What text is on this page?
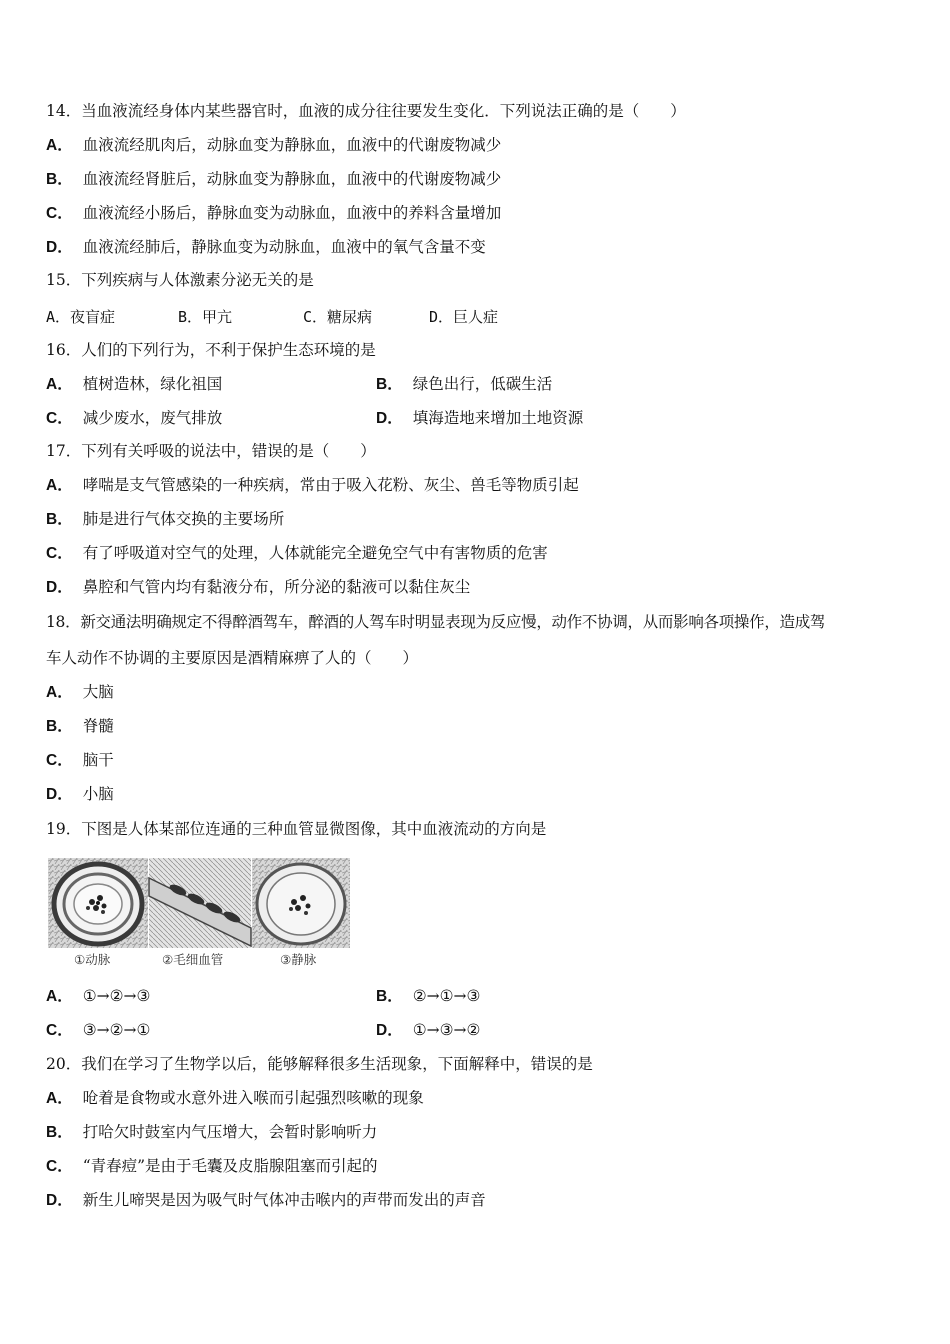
14．当血液流经身体内某些器官时，血液的成分往往要发生变化．下列说法正确的是（　　）
A． 血液流经肌肉后，动脉血变为静脉血，血液中的代谢废物减少
B． 血液流经肾脏后，动脉血变为静脉血，血液中的代谢废物减少
C． 血液流经小肠后，静脉血变为动脉血，血液中的养料含量增加
D． 血液流经肺后，静脉血变为动脉血，血液中的氧气含量不变
15．下列疾病与人体激素分泌无关的是
A．夜盲症	B．甲亢	C．糖尿病	D．巨人症
16．人们的下列行为，不利于保护生态环境的是
A． 植树造林，绿化祖国	B． 绿色出行，低碳生活
C． 减少废水，废气排放	D． 填海造地来增加土地资源
17．下列有关呼吸的说法中，错误的是（　　）
A． 哮喘是支气管感染的一种疾病，常由于吸入花粉、灰尘、兽毛等物质引起
B． 肺是进行气体交换的主要场所
C． 有了呼吸道对空气的处理，人体就能完全避免空气中有害物质的危害
D． 鼻腔和气管内均有黏液分布，所分泌的黏液可以黏住灰尘
18．新交通法明确规定不得醉酒驾车，醉酒的人驾车时明显表现为反应慢，动作不协调，从而影响各项操作，造成驾
车人动作不协调的主要原因是酒精麻痹了人的（　　）
A． 大脑
B． 脊髓
C． 脑干
D． 小脑
19．下图是人体某部位连通的三种血管显微图像，其中血液流动的方向是
①动脉	②毛细血管	③静脉
A． ①→②→③	B． ②→①→③
C． ③→②→①	D． ①→③→②
20．我们在学习了生物学以后，能够解释很多生活现象，下面解释中，错误的是
A． 呛着是食物或水意外进入喉而引起强烈咳嗽的现象
B． 打哈欠时鼓室内气压增大，会暂时影响听力
C． “青春痘”是由于毛囊及皮脂腺阻塞而引起的
D． 新生儿啼哭是因为吸气时气体冲击喉内的声带而发出的声音
